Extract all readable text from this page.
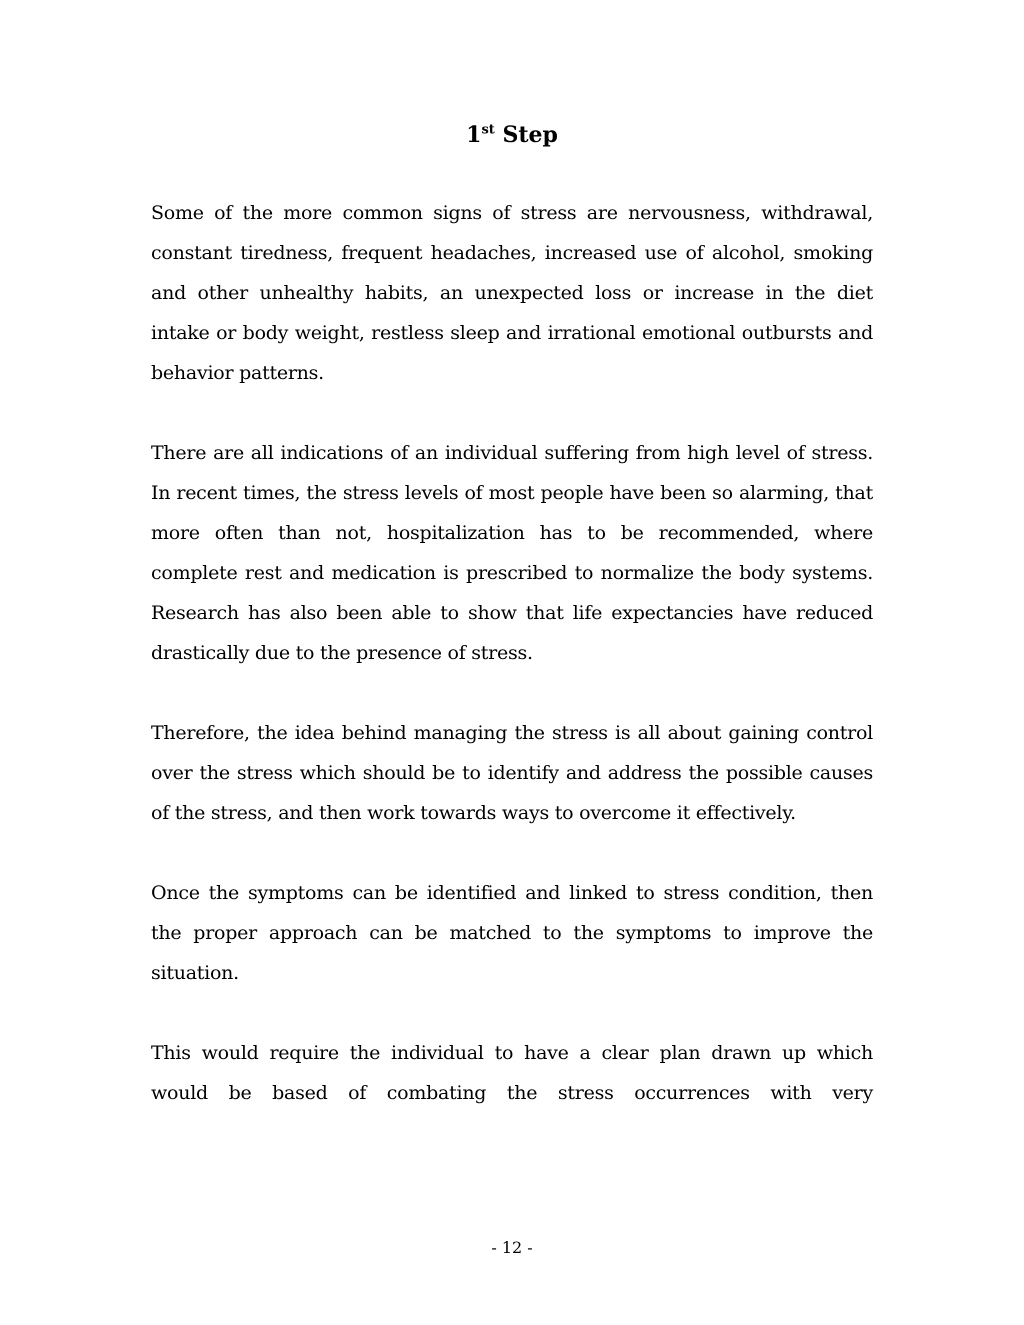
1st Step

Some of the more common signs of stress are nervousness, withdrawal, constant tiredness, frequent headaches, increased use of alcohol, smoking and other unhealthy habits, an unexpected loss or increase in the diet intake or body weight, restless sleep and irrational emotional outbursts and behavior patterns.

There are all indications of an individual suffering from high level of stress. In recent times, the stress levels of most people have been so alarming, that more often than not, hospitalization has to be recommended, where complete rest and medication is prescribed to normalize the body systems. Research has also been able to show that life expectancies have reduced drastically due to the presence of stress.

Therefore, the idea behind managing the stress is all about gaining control over the stress which should be to identify and address the possible causes of the stress, and then work towards ways to overcome it effectively.

Once the symptoms can be identified and linked to stress condition, then the proper approach can be matched to the symptoms to improve the situation.

This would require the individual to have a clear plan drawn up which would be based of combating the stress occurrences with very

- 12 -
